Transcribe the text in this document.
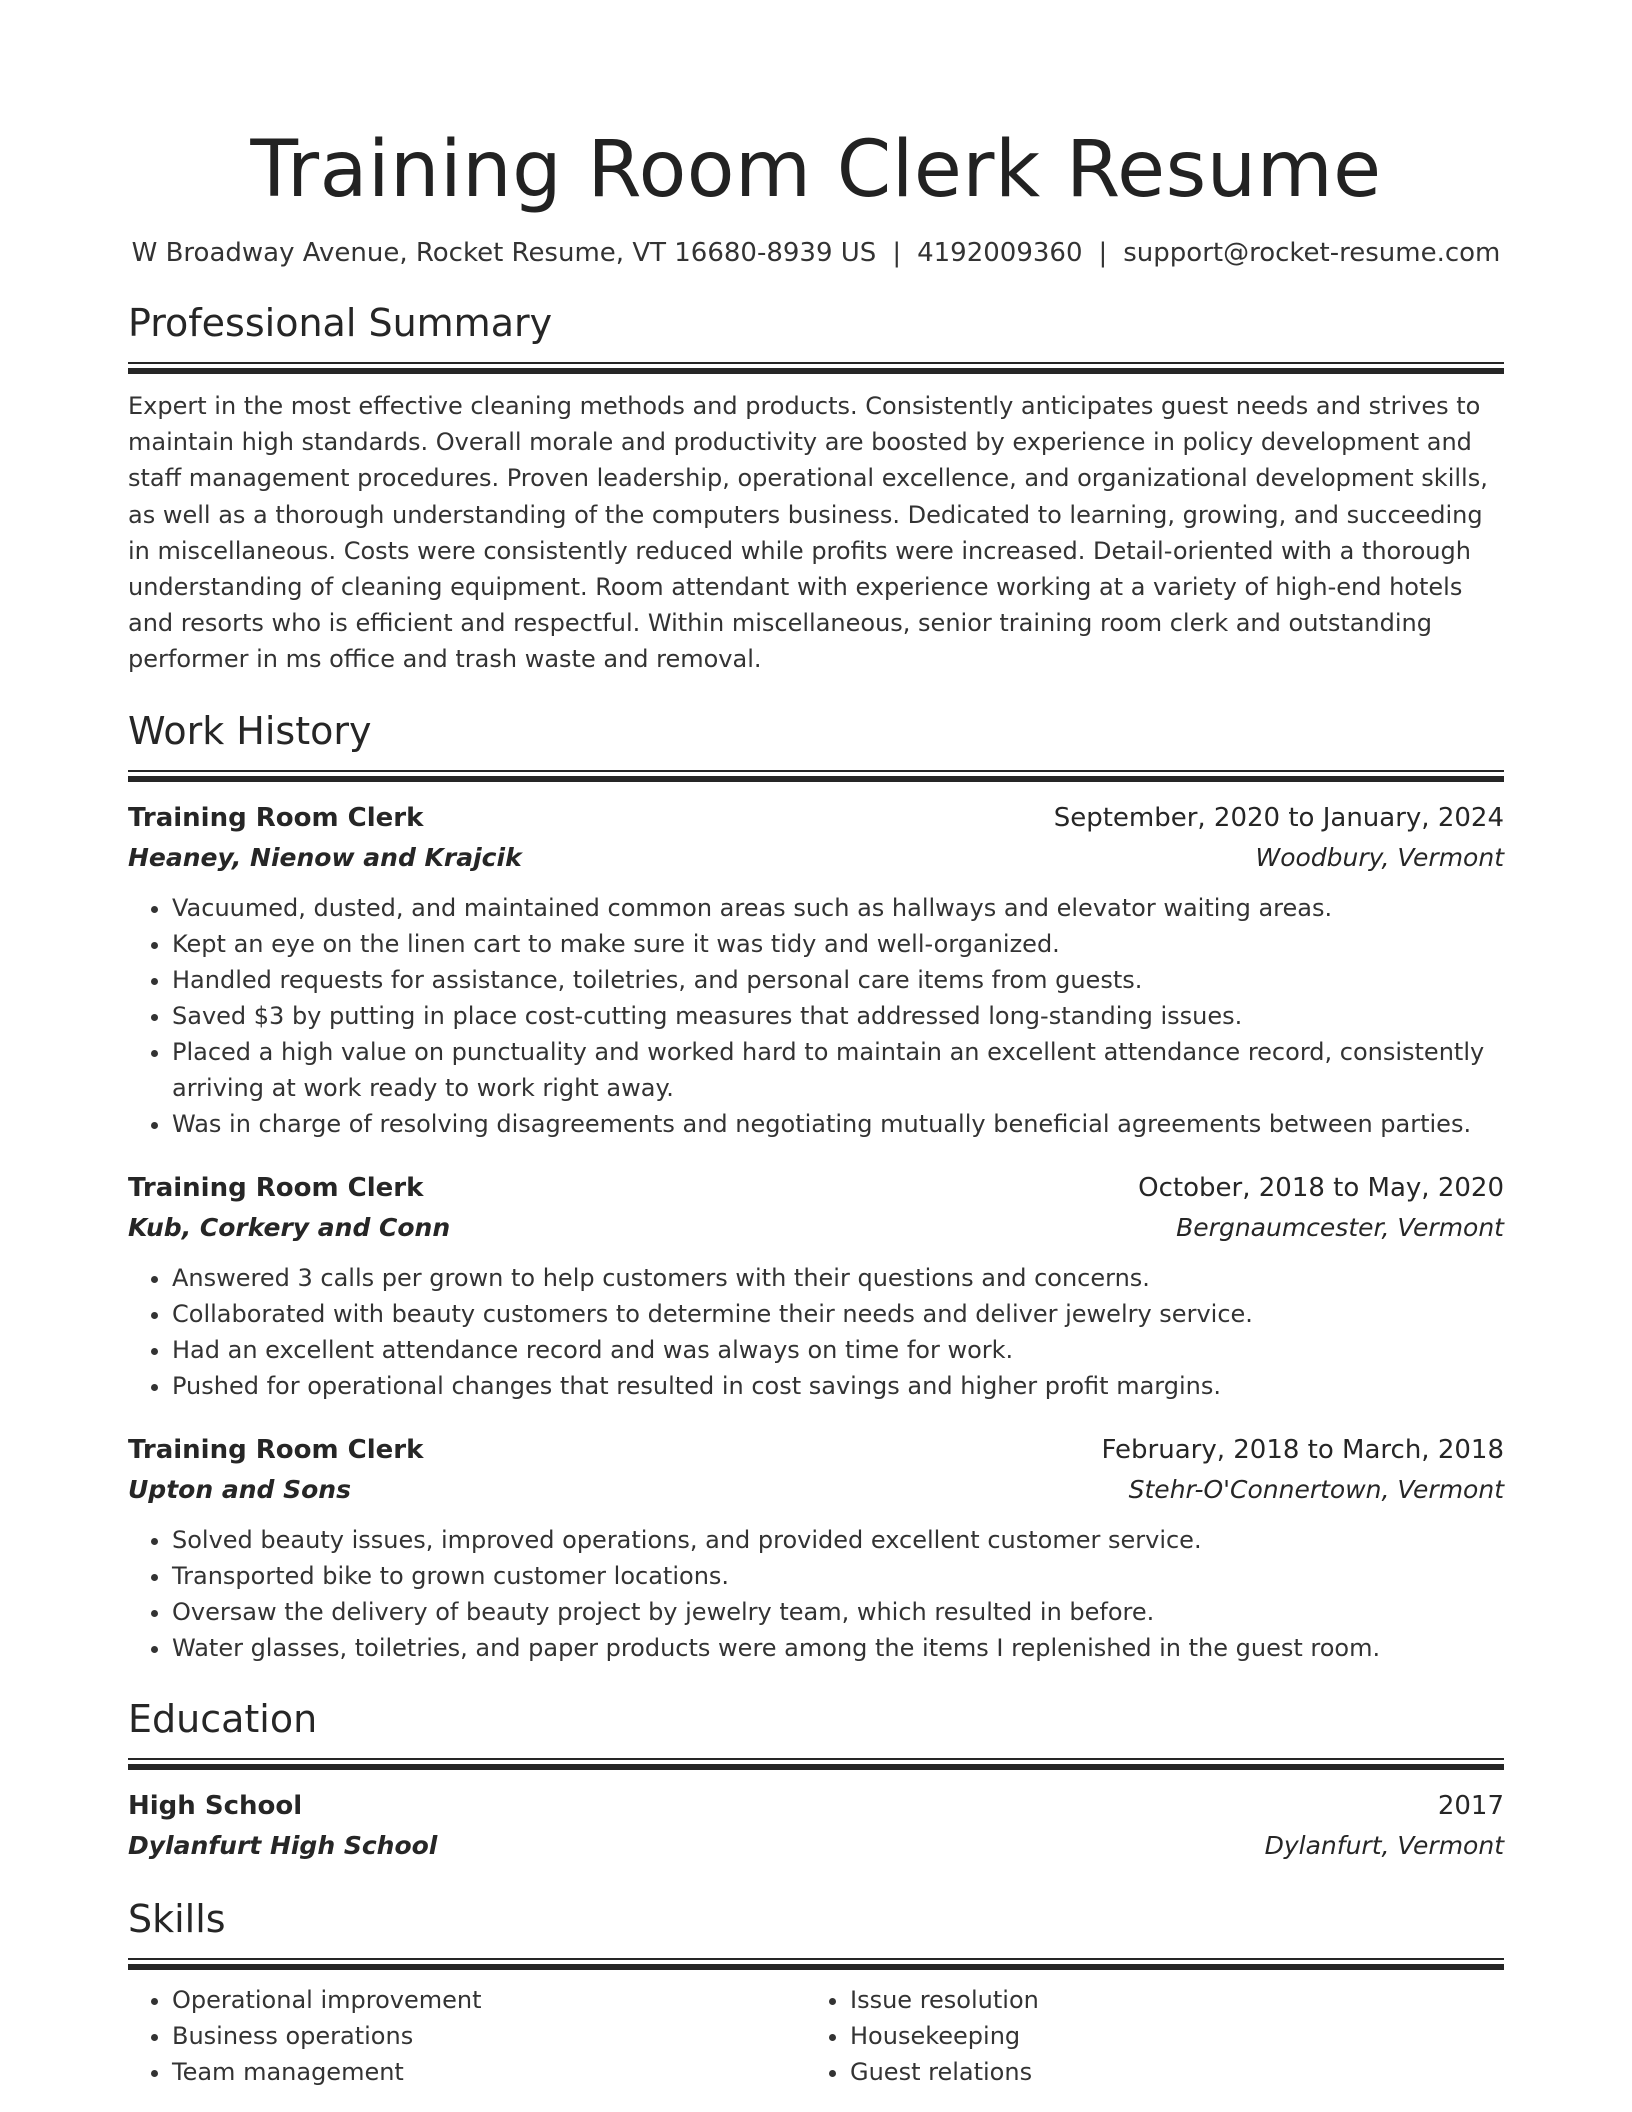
Training Room Clerk Resume
W Broadway Avenue, Rocket Resume, VT 16680-8939 US | 4192009360 | support@rocket-resume.com
Professional Summary
Expert in the most effective cleaning methods and products. Consistently anticipates guest needs and strives to maintain high standards. Overall morale and productivity are boosted by experience in policy development and staff management procedures. Proven leadership, operational excellence, and organizational development skills, as well as a thorough understanding of the computers business. Dedicated to learning, growing, and succeeding in miscellaneous. Costs were consistently reduced while profits were increased. Detail-oriented with a thorough understanding of cleaning equipment. Room attendant with experience working at a variety of high-end hotels and resorts who is efficient and respectful. Within miscellaneous, senior training room clerk and outstanding performer in ms office and trash waste and removal.
Work History
Training Room Clerk	September, 2020 to January, 2024
Heaney, Nienow and Krajcik	Woodbury, Vermont
• Vacuumed, dusted, and maintained common areas such as hallways and elevator waiting areas.
• Kept an eye on the linen cart to make sure it was tidy and well-organized.
• Handled requests for assistance, toiletries, and personal care items from guests.
• Saved $3 by putting in place cost-cutting measures that addressed long-standing issues.
• Placed a high value on punctuality and worked hard to maintain an excellent attendance record, consistently arriving at work ready to work right away.
• Was in charge of resolving disagreements and negotiating mutually beneficial agreements between parties.
Training Room Clerk	October, 2018 to May, 2020
Kub, Corkery and Conn	Bergnaumcester, Vermont
• Answered 3 calls per grown to help customers with their questions and concerns.
• Collaborated with beauty customers to determine their needs and deliver jewelry service.
• Had an excellent attendance record and was always on time for work.
• Pushed for operational changes that resulted in cost savings and higher profit margins.
Training Room Clerk	February, 2018 to March, 2018
Upton and Sons	Stehr-O'Connertown, Vermont
• Solved beauty issues, improved operations, and provided excellent customer service.
• Transported bike to grown customer locations.
• Oversaw the delivery of beauty project by jewelry team, which resulted in before.
• Water glasses, toiletries, and paper products were among the items I replenished in the guest room.
Education
High School	2017
Dylanfurt High School	Dylanfurt, Vermont
Skills
• Operational improvement
• Business operations
• Team management
• Issue resolution
• Housekeeping
• Guest relations
